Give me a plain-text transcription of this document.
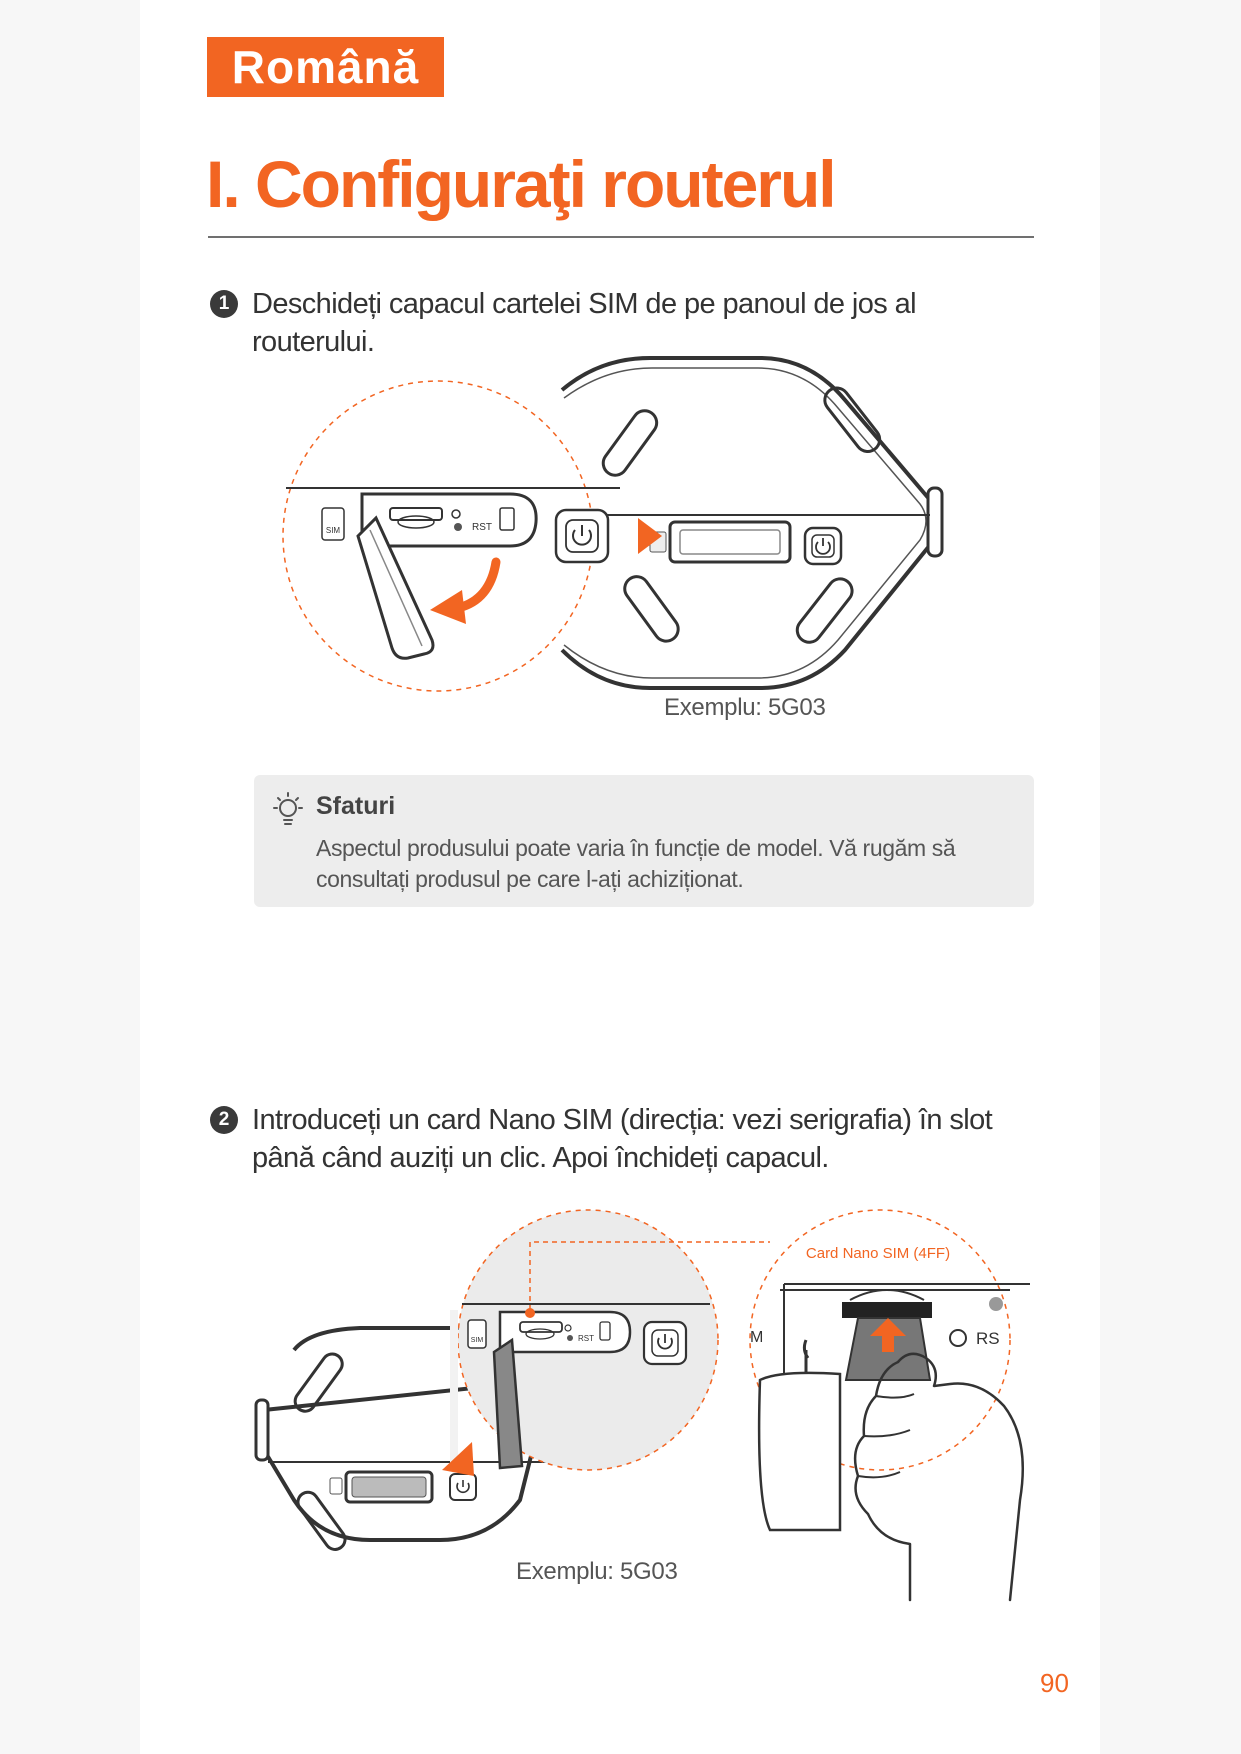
Română
I. Configuraţi routerul
1 Deschideți capacul cartelei SIM de pe panoul de jos al routerului.

SIM	RST
Exemplu: 5G03
Sfaturi

Aspectul produsului poate varia în funcție de model. Vă rugăm să consultați produsul pe care l-ați achiziționat.

2 Introduceți un card Nano SIM (direcția: vezi serigrafia) în slot până când auziți un clic. Apoi închideți capacul.

SIM	RST
Card Nano SIM (4FF)
M	RS
Exemplu: 5G03
90
